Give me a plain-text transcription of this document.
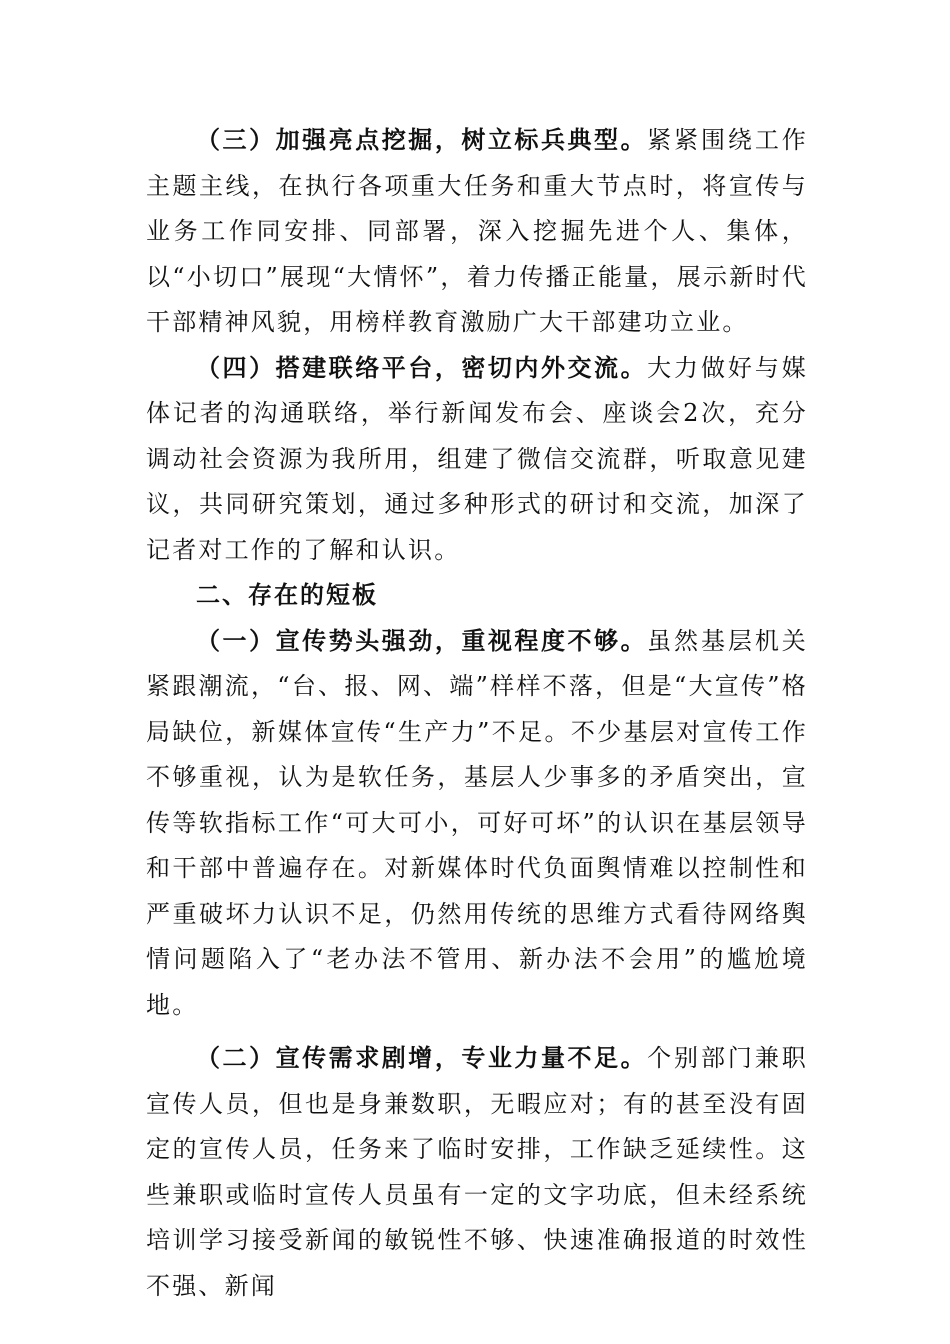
（三）加强亮点挖掘，树立标兵典型。紧紧围绕工作主题主线，在执行各项重大任务和重大节点时，将宣传与业务工作同安排、同部署，深入挖掘先进个人、集体，以“小切口”展现“大情怀”，着力传播正能量，展示新时代干部精神风貌，用榜样教育激励广大干部建功立业。

（四）搭建联络平台，密切内外交流。大力做好与媒体记者的沟通联络，举行新闻发布会、座谈会2次，充分调动社会资源为我所用，组建了微信交流群，听取意见建议，共同研究策划，通过多种形式的研讨和交流，加深了记者对工作的了解和认识。

二、存在的短板

（一）宣传势头强劲，重视程度不够。虽然基层机关紧跟潮流，“台、报、网、端”样样不落，但是“大宣传”格局缺位，新媒体宣传“生产力”不足。不少基层对宣传工作不够重视，认为是软任务，基层人少事多的矛盾突出，宣传等软指标工作“可大可小，可好可坏”的认识在基层领导和干部中普遍存在。对新媒体时代负面舆情难以控制性和严重破坏力认识不足，仍然用传统的思维方式看待网络舆情问题陷入了“老办法不管用、新办法不会用”的尴尬境地。

（二）宣传需求剧增，专业力量不足。个别部门兼职宣传人员，但也是身兼数职，无暇应对；有的甚至没有固定的宣传人员，任务来了临时安排，工作缺乏延续性。这些兼职或临时宣传人员虽有一定的文字功底，但未经系统培训学习接受新闻的敏锐性不够、快速准确报道的时效性不强、新闻
